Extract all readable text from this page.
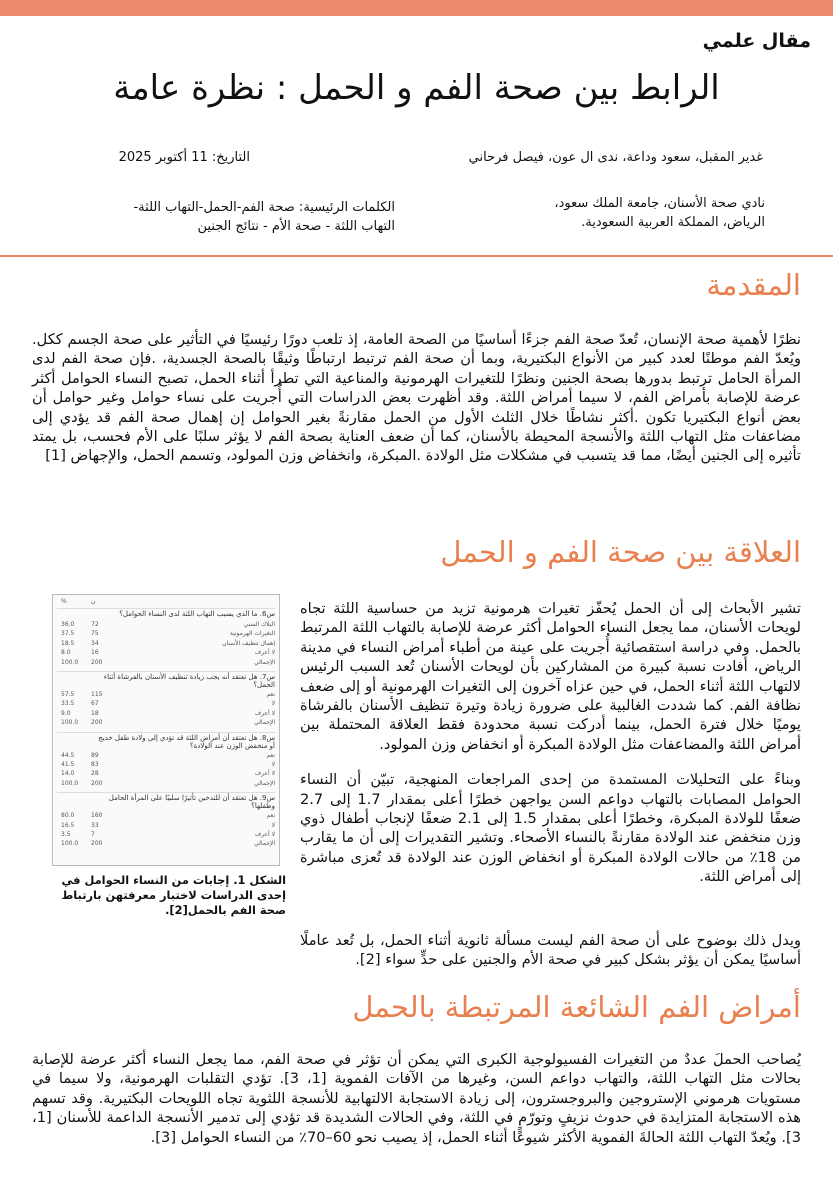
مقال علمي
الرابط بين صحة الفم و الحمل : نظرة عامة
غدير المقبل، سعود وداعة، ندى ال عون، فيصل فرحاني
التاريخ: 11 أكتوبر 2025
نادي صحة الأسنان، جامعة الملك سعود،
الرياض، المملكة العربية السعودية.
الكلمات الرئيسية: صحة الفم-الحمل-التهاب اللثة-
التهاب اللثة - صحة الأم - نتائج الجنين
المقدمة

نظرًا لأهمية صحة الإنسان، تُعدّ صحة الفم جزءًا أساسيًا من الصحة العامة، إذ تلعب دورًا رئيسيًا في التأثير على صحة الجسم ككل. ويُعدّ الفم موطنًا لعدد كبير من الأنواع البكتيرية، وبما أن صحة الفم ترتبط ارتباطًا وثيقًا بالصحة الجسدية، .فإن صحة الفم لدى المرأة الحامل ترتبط بدورها بصحة الجنين ونظرًا للتغيرات الهرمونية والمناعية التي تطرأ أثناء الحمل، تصبح النساء الحوامل أكثر عرضة للإصابة بأمراض الفم، لا سيما أمراض اللثة. وقد أظهرت بعض الدراسات التي أُجريت على نساء حوامل وغير حوامل أن بعض أنواع البكتيريا تكون .أكثر نشاطًا خلال الثلث الأول من الحمل مقارنةً بغير الحوامل إن إهمال صحة الفم قد يؤدي إلى مضاعفات مثل التهاب اللثة والأنسجة المحيطة بالأسنان، كما أن ضعف العناية بصحة الفم لا يؤثر سلبًا على الأم فحسب، بل يمتد تأثيره إلى الجنين أيضًا، مما قد يتسبب في مشكلات مثل الولادة .المبكرة، وانخفاض وزن المولود، وتسمم الحمل، والإجهاض [1]

العلاقة بين صحة الفم و الحمل

تشير الأبحاث إلى أن الحمل يُحفّز تغيرات هرمونية تزيد من حساسية اللثة تجاه لويحات الأسنان، مما يجعل النساء الحوامل أكثر عرضة للإصابة بالتهاب اللثة المرتبط بالحمل. وفي دراسة استقصائية أُجريت على عينة من أطباء أمراض النساء في مدينة الرياض، أفادت نسبة كبيرة من المشاركين بأن لويحات الأسنان تُعد السبب الرئيس لالتهاب اللثة أثناء الحمل، في حين عزاه آخرون إلى التغيرات الهرمونية أو إلى ضعف نظافة الفم. كما شددت الغالبية على ضرورة زيادة وتيرة تنظيف الأسنان بالفرشاة يوميًا خلال فترة الحمل، بينما أدركت نسبة محدودة فقط العلاقة المحتملة بين أمراض اللثة والمضاعفات مثل الولادة المبكرة أو انخفاض وزن المولود.

وبناءً على التحليلات المستمدة من إحدى المراجعات المنهجية، تبيّن أن النساء الحوامل المصابات بالتهاب دواعم السن يواجهن خطرًا أعلى بمقدار 1.7 إلى 2.7 ضعفًا للولادة المبكرة، وخطرًا أعلى بمقدار 1.5 إلى 2.1 ضعفًا لإنجاب أطفال ذوي وزن منخفض عند الولادة مقارنةً بالنساء الأصحاء. وتشير التقديرات إلى أن ما يقارب من 18٪ من حالات الولادة المبكرة أو انخفاض الوزن عند الولادة قد تُعزى مباشرة إلى أمراض اللثة.

ويدل ذلك بوضوح على أن صحة الفم ليست مسألة ثانوية أثناء الحمل، بل تُعد عاملًا أساسيًا يمكن أن يؤثر بشكل كبير في صحة الأم والجنين على حدٍّ سواء [2].

ن
%
س6. ما الذي يسبب التهاب اللثة لدى النساء الحوامل؟
البلاك السني
72
36.0
التغيرات الهرمونية
75
37.5
إهمال تنظيف الأسنان
34
18.5
لا أعرف
16
8.0
الإجمالي
200
100.0
س7. هل تعتقد أنه يجب زيادة تنظيف الأسنان بالفرشاة أثناء الحمل؟
نعم
115
57.5
لا
67
33.5
لا أعرف
18
9.0
الإجمالي
200
100.0
س8. هل تعتقد أن أمراض اللثة قد تؤدي إلى ولادة طفل خديج أو منخفض الوزن عند الولادة؟
نعم
89
44.5
لا
83
41.5
لا أعرف
28
14.0
الإجمالي
200
100.0
س9. هل تعتقد أن للتدخين تأثيرًا سلبيًا على المرأة الحامل وطفلها؟
نعم
160
80.0
لا
33
16.5
لا أعرف
7
3.5
الإجمالي
200
100.0
الشكل 1. إجابات من النساء الحوامل في إحدى الدراسات لاختبار معرفتهن بارتباط صحة الفم بالحمل[2].
أمراض الفم الشائعة المرتبطة بالحمل

يُصاحب الحملَ عددٌ من التغيرات الفسيولوجية الكبرى التي يمكن أن تؤثر في صحة الفم، مما يجعل النساء أكثر عرضة للإصابة بحالات مثل التهاب اللثة، والتهاب دواعم السن، وغيرها من الآفات الفموية [1، 3]. تؤدي التقلبات الهرمونية، ولا سيما في مستويات هرموني الإستروجين والبروجسترون، إلى زيادة الاستجابة الالتهابية للأنسجة اللثوية تجاه اللويحات البكتيرية. وقد تسهم هذه الاستجابة المتزايدة في حدوث نزيفٍ وتورّمٍ في اللثة، وفي الحالات الشديدة قد تؤدي إلى تدمير الأنسجة الداعمة للأسنان [1، 3]. ويُعدّ التهاب اللثة الحالةَ الفموية الأكثر شيوعًا أثناء الحمل، إذ يصيب نحو 60–70٪ من النساء الحوامل [3].
